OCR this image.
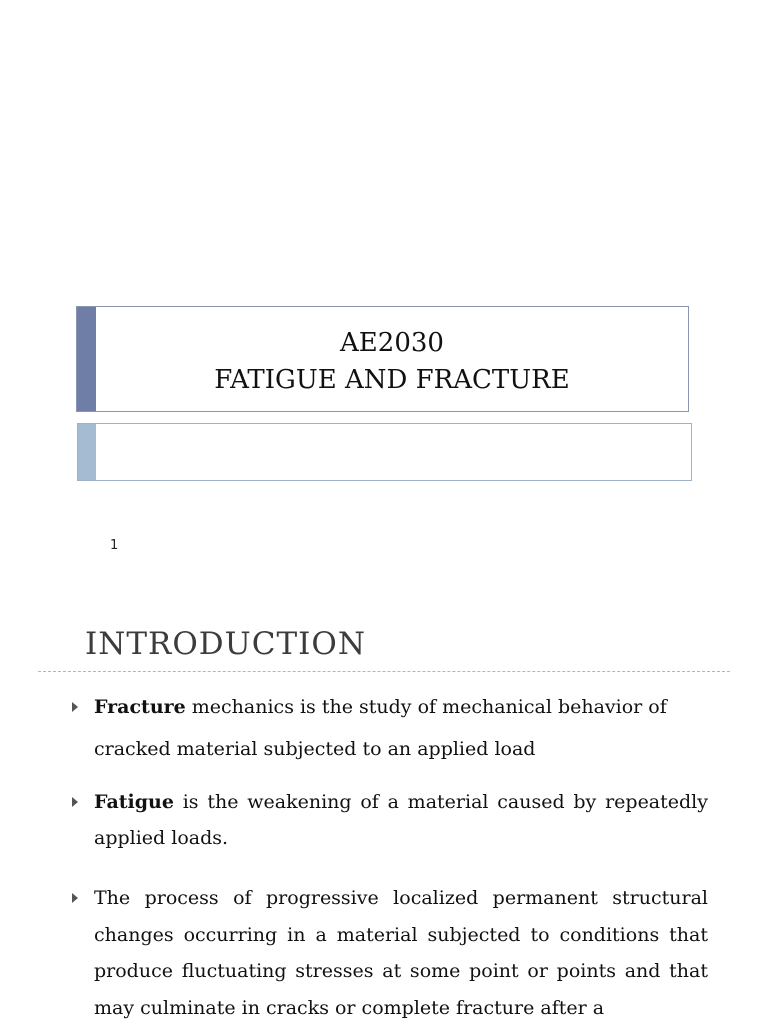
AE2030
FATIGUE AND FRACTURE
1
INTRODUCTION
Fracture mechanics is the study of mechanical behavior of cracked material subjected to an applied load
Fatigue is the weakening of a material caused by repeatedly applied loads.
The process of progressive localized permanent structural changes occurring in a material subjected to conditions that produce fluctuating stresses at some point or points and that may culminate in cracks or complete fracture after a
